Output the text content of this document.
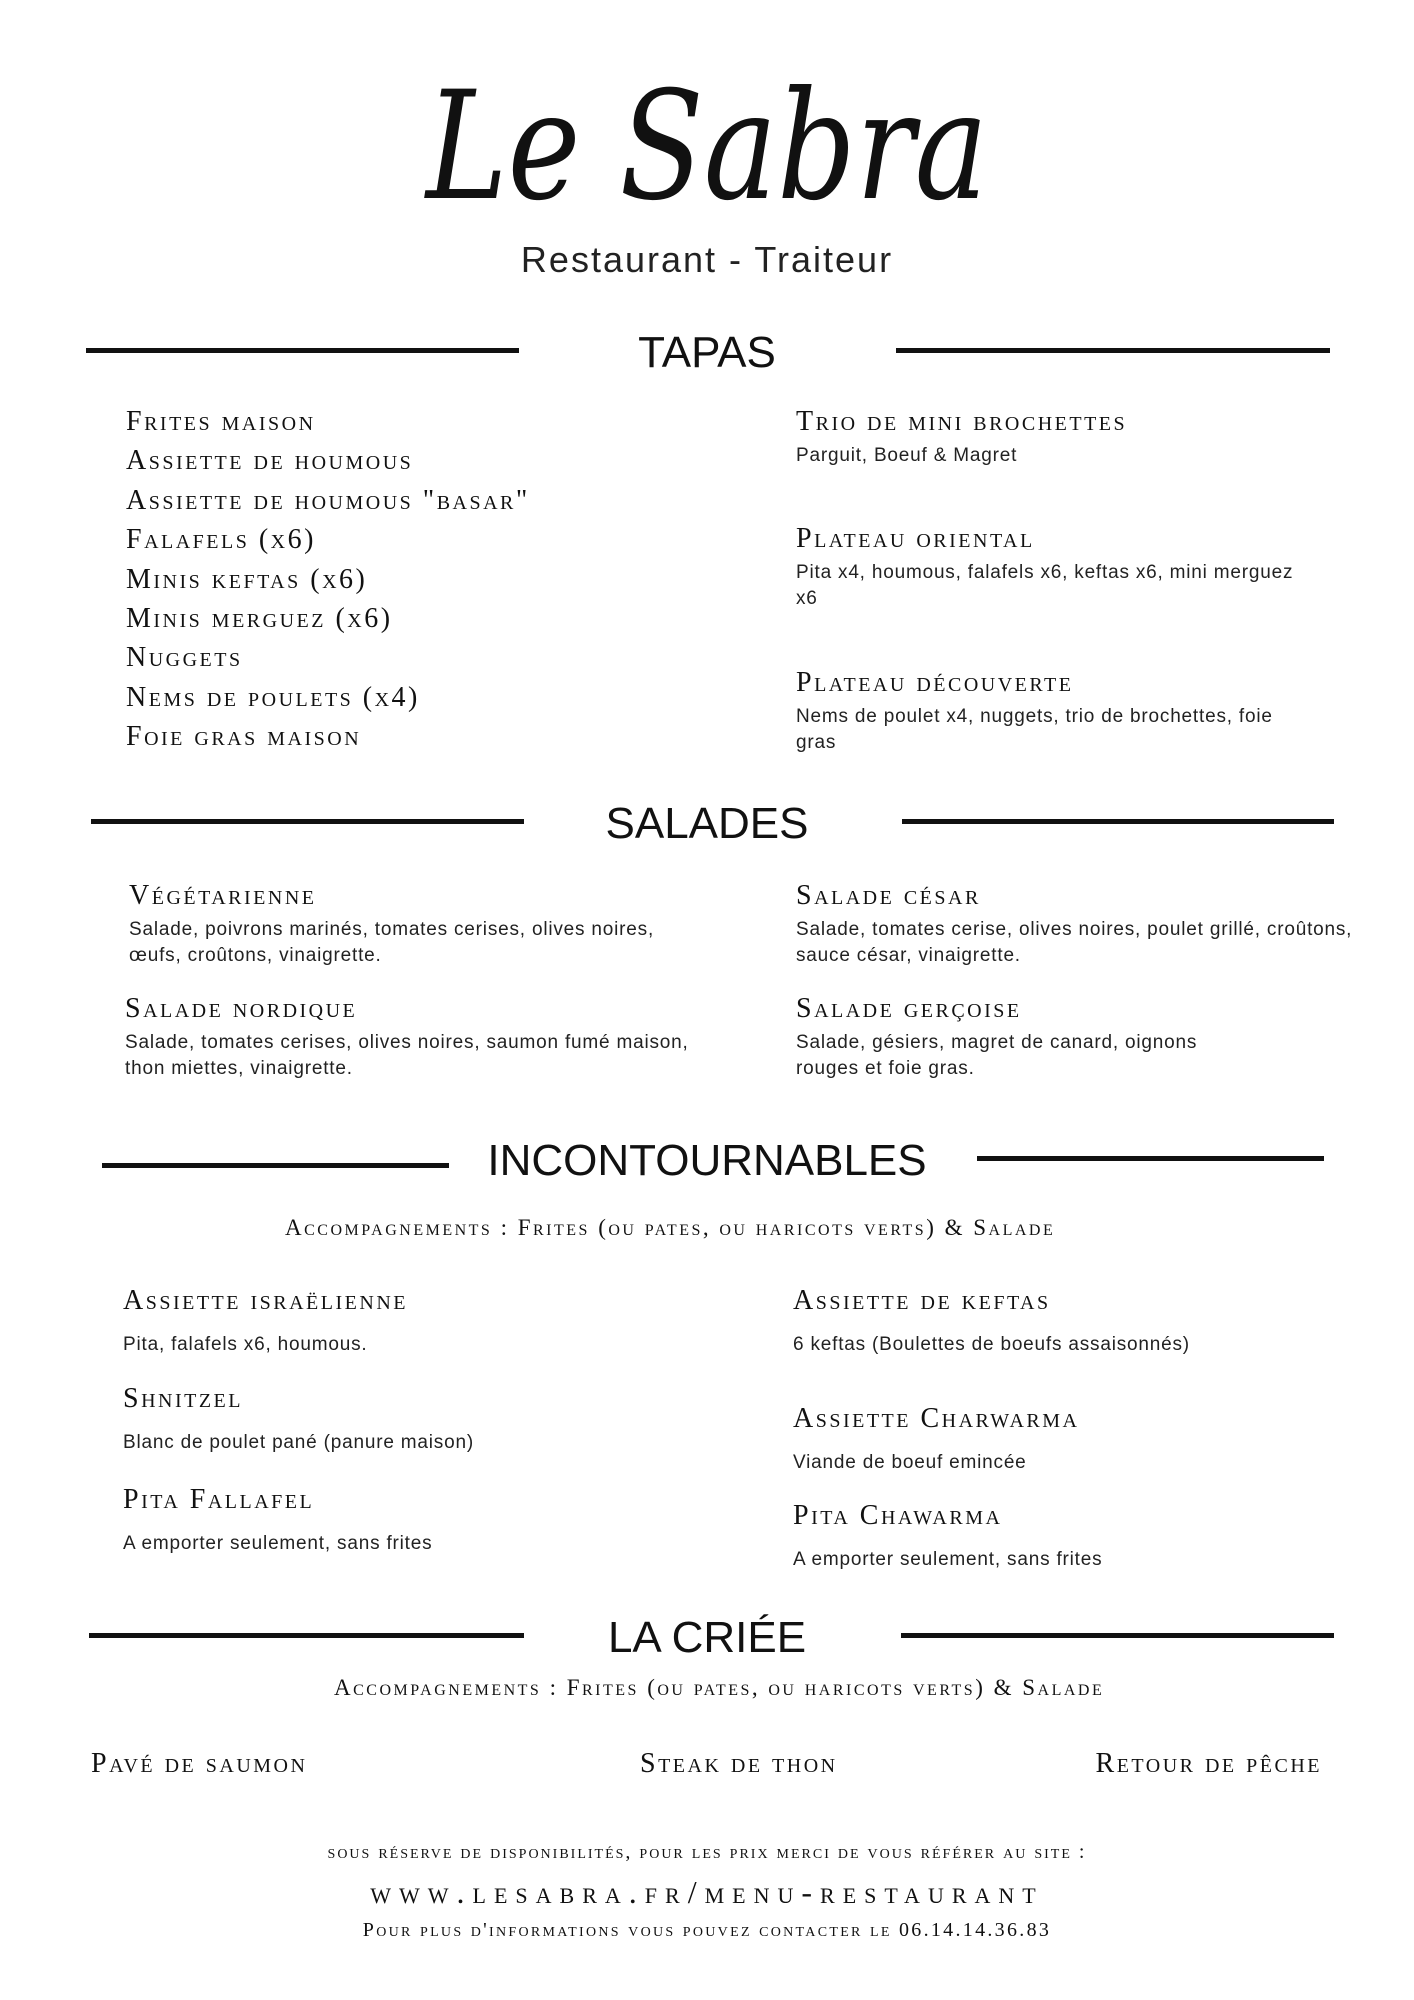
Le Sabra
Restaurant - Traiteur
TAPAS
Frites maison
Assiette de houmous
Assiette de houmous "basar"
Falafels (x6)
Minis keftas (x6)
Minis merguez (x6)
Nuggets
Nems de poulets (x4)
Foie gras maison
Trio de mini brochettes
Parguit, Boeuf & Magret
Plateau oriental
Pita x4, houmous, falafels x6, keftas x6, mini merguez x6
Plateau découverte
Nems de poulet x4, nuggets, trio de brochettes, foie gras
SALADES
Végétarienne
Salade, poivrons marinés, tomates cerises, olives noires, œufs, croûtons, vinaigrette.
Salade césar
Salade, tomates cerise, olives noires, poulet grillé, croûtons, sauce césar, vinaigrette.
Salade nordique
Salade, tomates cerises, olives noires, saumon fumé maison, thon miettes, vinaigrette.
Salade gerçoise
Salade, gésiers, magret de canard, oignons rouges et foie gras.
INCONTOURNABLES
Accompagnements : Frites (ou pates, ou haricots verts) & Salade
Assiette israëlienne
Pita, falafels x6, houmous.
Shnitzel
Blanc de poulet pané (panure maison)
Pita Fallafel
A emporter seulement, sans frites
Assiette de keftas
6 keftas (Boulettes de boeufs assaisonnés)
Assiette Charwarma
Viande de boeuf emincée
Pita Chawarma
A emporter seulement, sans frites
LA CRIÉE
Accompagnements : Frites (ou pates, ou haricots verts) & Salade
Pavé de saumon	Steak de thon	Retour de pêche
sous réserve de disponibilités, pour les prix merci de vous référer au site :
www.lesabra.fr/menu-restaurant
Pour plus d'informations vous pouvez contacter le 06.14.14.36.83
